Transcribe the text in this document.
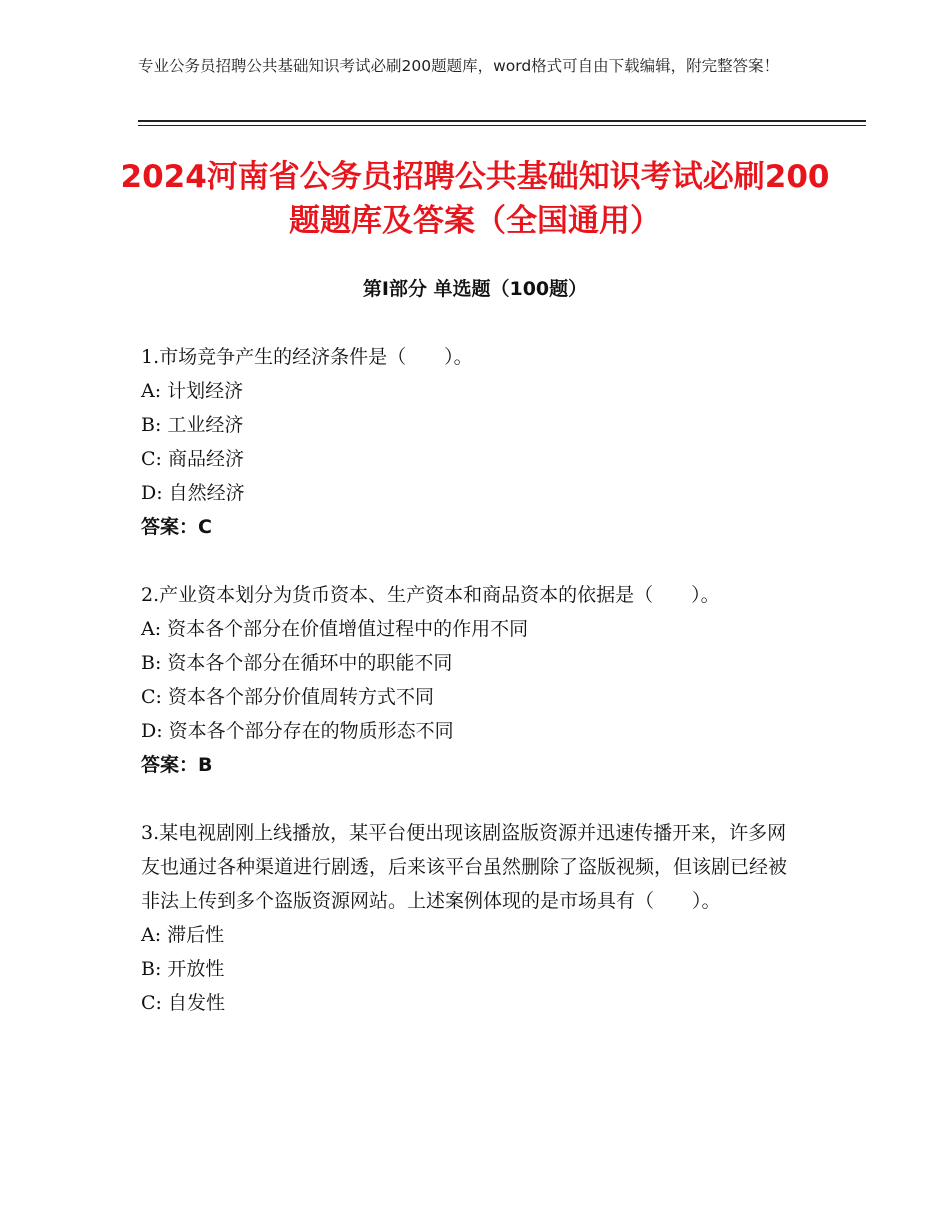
专业公务员招聘公共基础知识考试必刷200题题库，word格式可自由下载编辑，附完整答案！
2024河南省公务员招聘公共基础知识考试必刷200题题库及答案（全国通用）
第Ⅰ部分 单选题（100题）

1.市场竞争产生的经济条件是（　　）。

A: 计划经济

B: 工业经济

C: 商品经济

D: 自然经济

答案：C

2.产业资本划分为货币资本、生产资本和商品资本的依据是（　　）。

A: 资本各个部分在价值增值过程中的作用不同

B: 资本各个部分在循环中的职能不同

C: 资本各个部分价值周转方式不同

D: 资本各个部分存在的物质形态不同

答案：B

3.某电视剧刚上线播放，某平台便出现该剧盗版资源并迅速传播开来，许多网友也通过各种渠道进行剧透，后来该平台虽然删除了盗版视频，但该剧已经被非法上传到多个盗版资源网站。上述案例体现的是市场具有（　　）。

A: 滞后性

B: 开放性

C: 自发性
